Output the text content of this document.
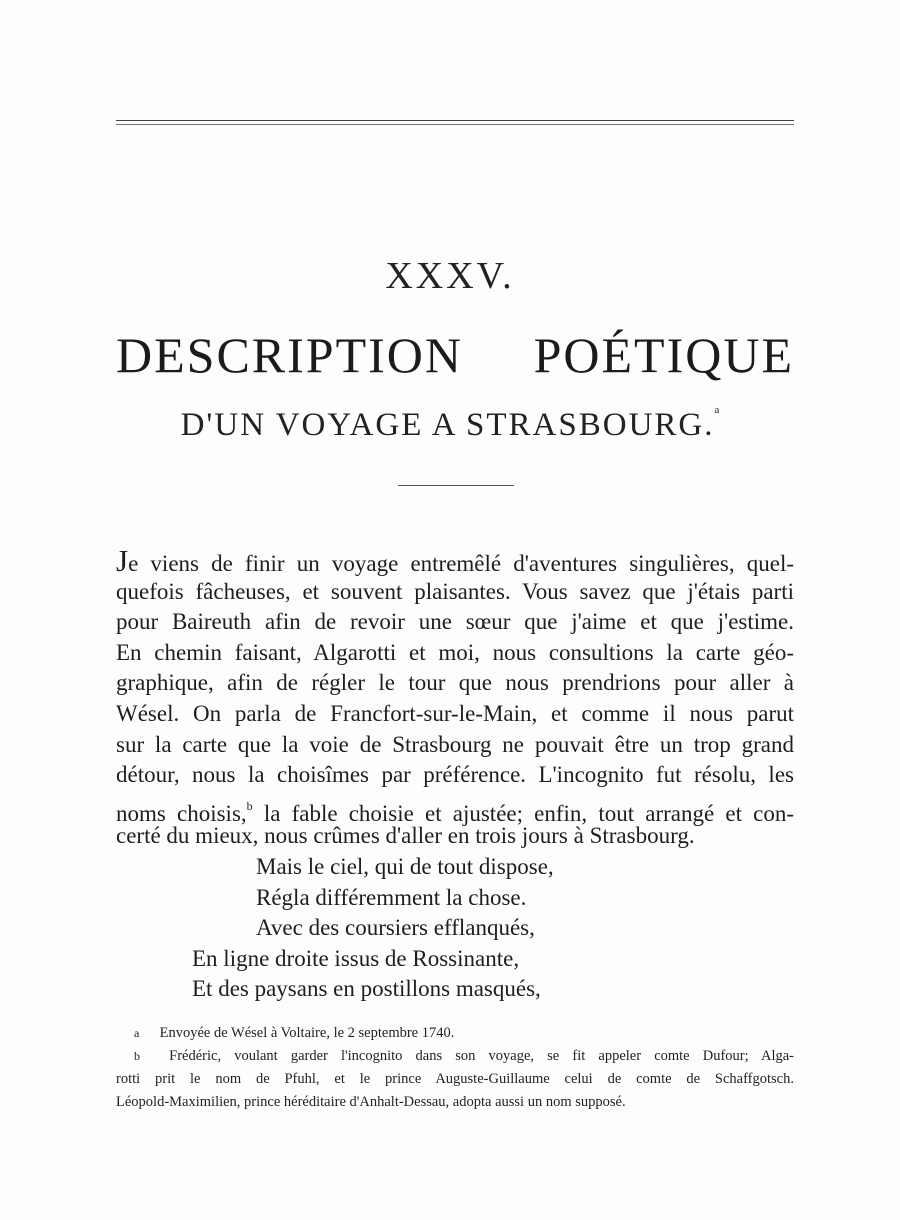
XXXV.
DESCRIPTION POÉTIQUE
D'UN VOYAGE A STRASBOURG.$^a$
Je viens de finir un voyage entremêlé d'aventures singulières, quel-
quefois fâcheuses, et souvent plaisantes. Vous savez que j'étais parti
pour Baireuth afin de revoir une sœur que j'aime et que j'estime.
En chemin faisant, Algarotti et moi, nous consultions la carte géo-
graphique, afin de régler le tour que nous prendrions pour aller à
Wésel. On parla de Francfort-sur-le-Main, et comme il nous parut
sur la carte que la voie de Strasbourg ne pouvait être un trop grand
détour, nous la choisîmes par préférence. L'incognito fut résolu, les
noms choisis,$^b$ la fable choisie et ajustée; enfin, tout arrangé et con-
certé du mieux, nous crûmes d'aller en trois jours à Strasbourg.
Mais le ciel, qui de tout dispose,
Régla différemment la chose.
Avec des coursiers efflanqués,
En ligne droite issus de Rossinante,
Et des paysans en postillons masqués,
a Envoyée de Wésel à Voltaire, le 2 septembre 1740.
b Frédéric, voulant garder l'incognito dans son voyage, se fit appeler comte Dufour; Alga-
rotti prit le nom de Pfuhl, et le prince Auguste-Guillaume celui de comte de Schaffgotsch.
Léopold-Maximilien, prince héréditaire d'Anhalt-Dessau, adopta aussi un nom supposé.
